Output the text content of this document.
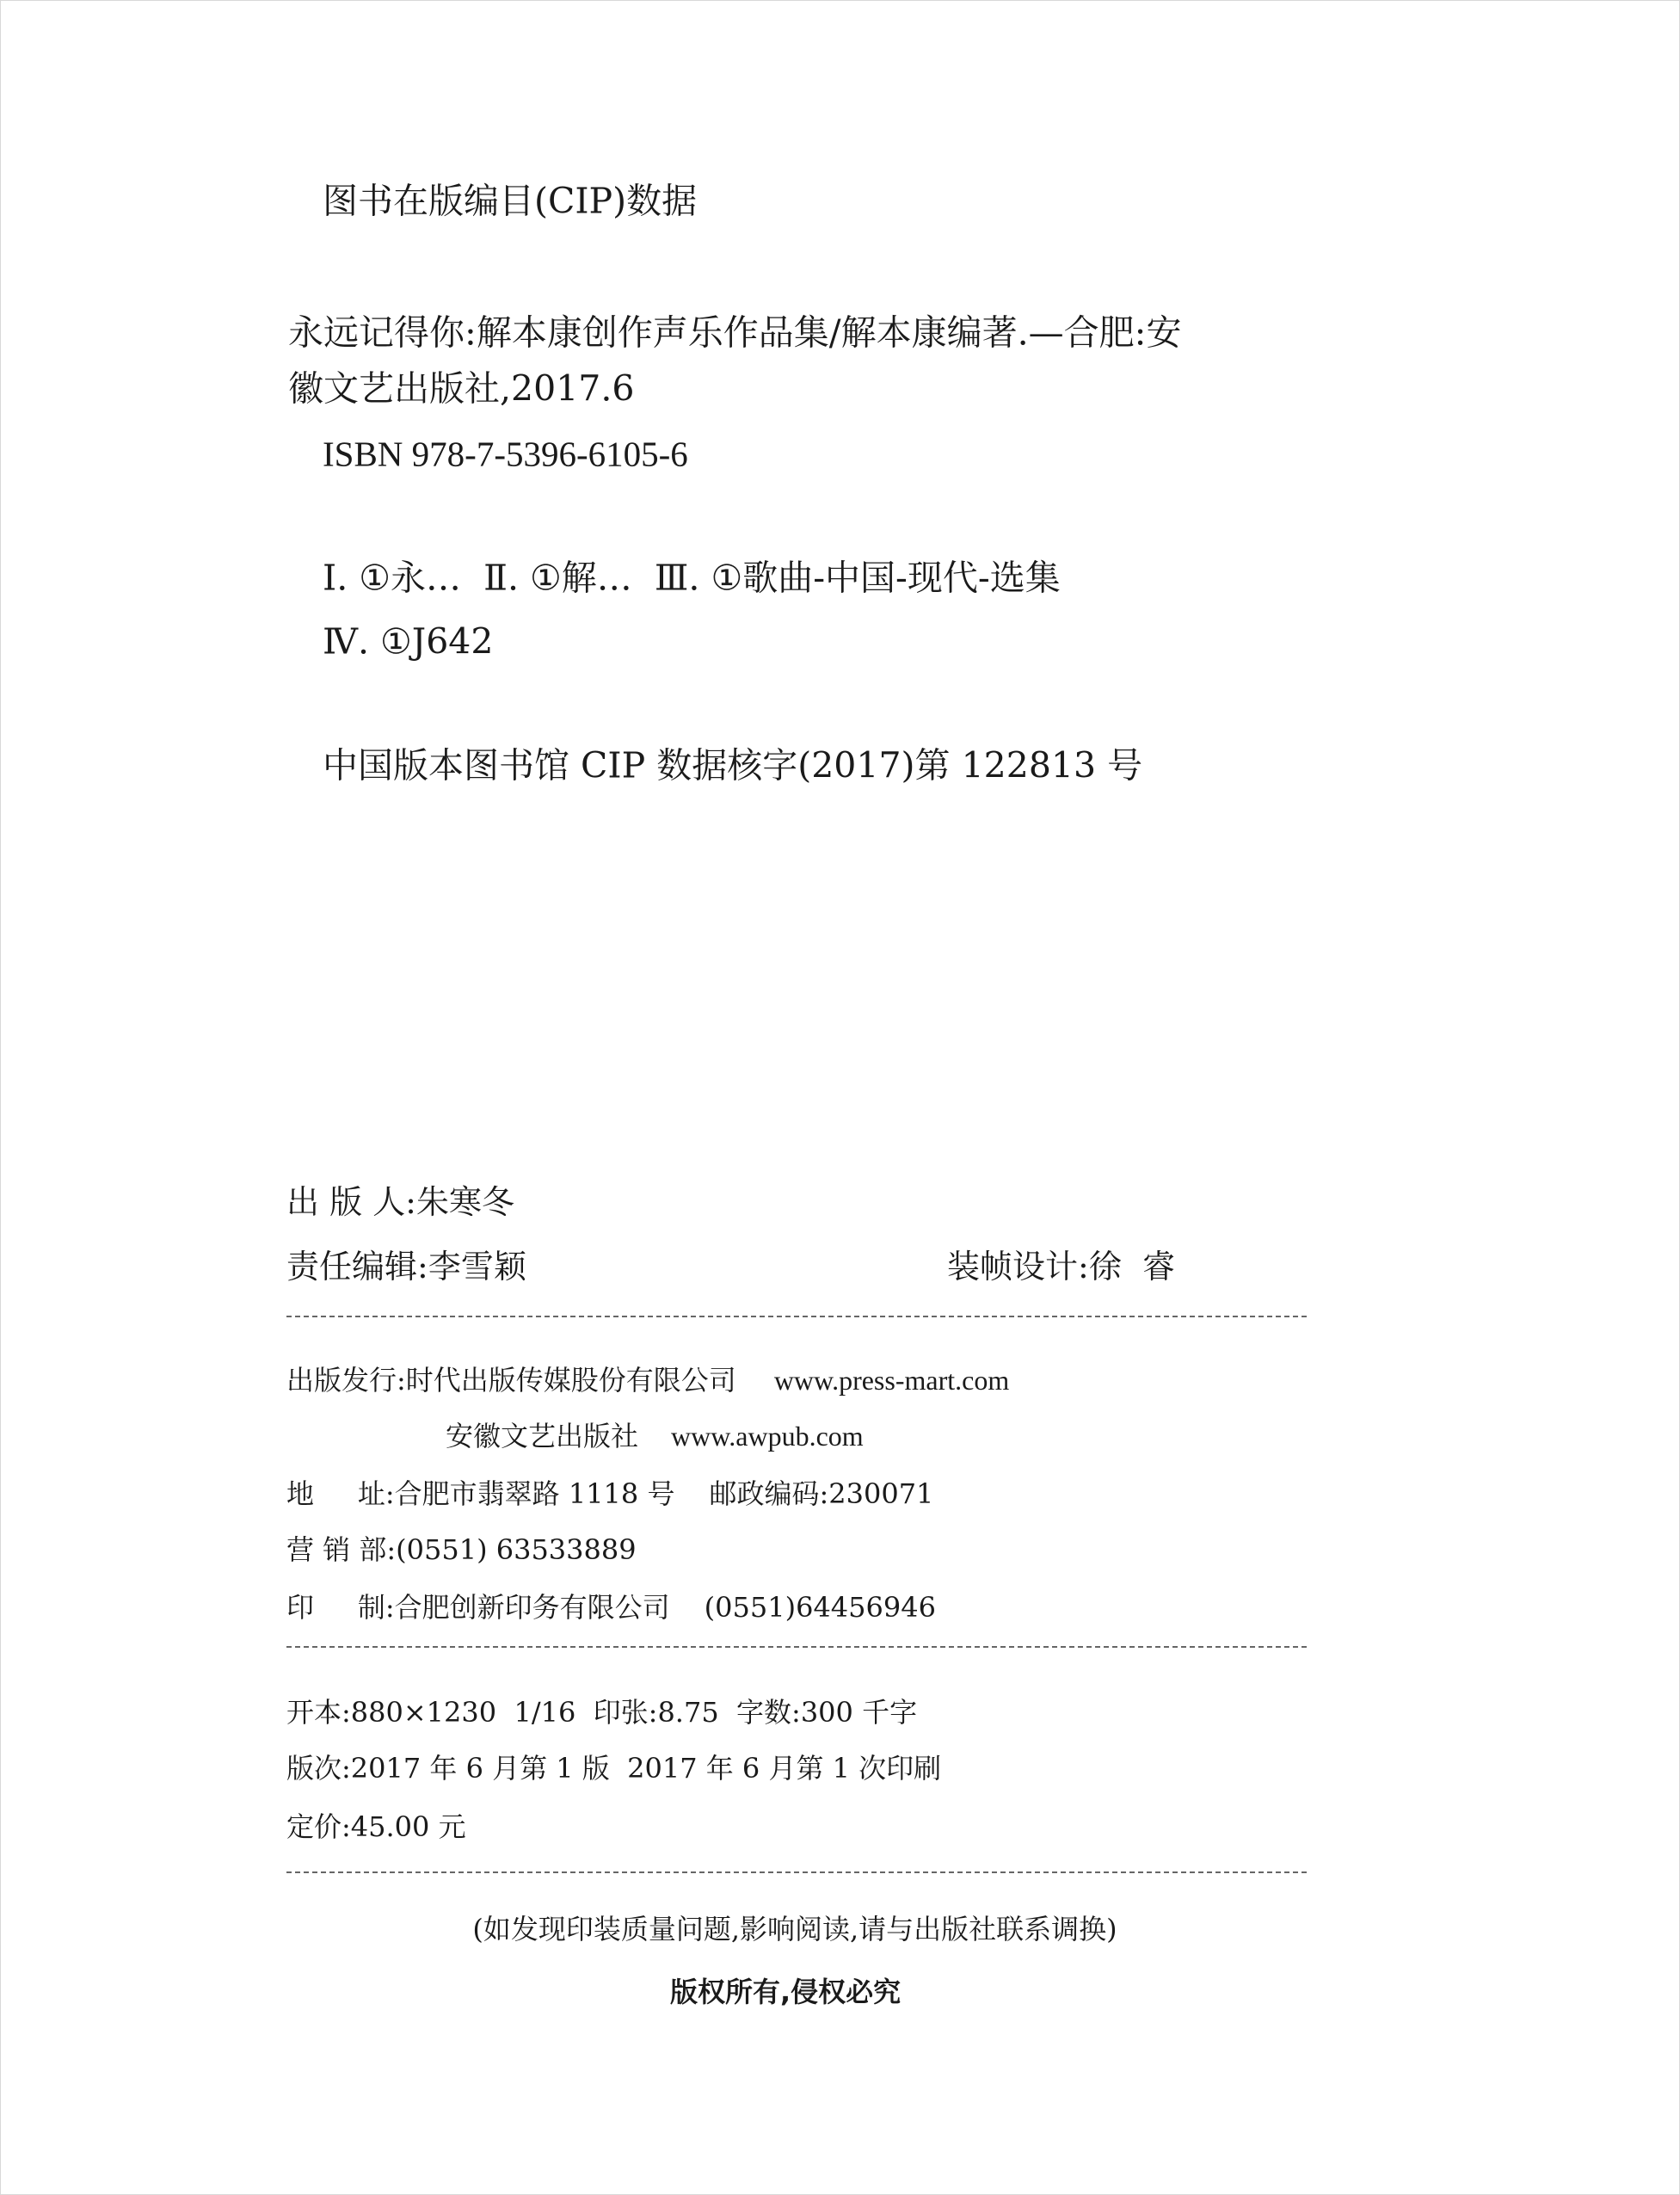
图书在版编目(CIP)数据
永远记得你:解本康创作声乐作品集/解本康编著.—合肥:安
徽文艺出版社,2017.6
ISBN 978-7-5396-6105-6
Ⅰ. ①永…  Ⅱ. ①解…  Ⅲ. ①歌曲-中国-现代-选集
Ⅳ. ①J642
中国版本图书馆 CIP 数据核字(2017)第 122813 号
出 版 人:朱寒冬
责任编辑:李雪颖	装帧设计:徐  睿
出版发行:时代出版传媒股份有限公司 www.press-mart.com
安徽文艺出版社 www.awpub.com
地     址:合肥市翡翠路 1118 号 邮政编码:230071
营 销 部:(0551) 63533889
印     制:合肥创新印务有限公司 (0551)64456946
开本:880×1230  1/16  印张:8.75  字数:300 千字
版次:2017 年 6 月第 1 版  2017 年 6 月第 1 次印刷
定价:45.00 元
(如发现印装质量问题,影响阅读,请与出版社联系调换)
版权所有,侵权必究
